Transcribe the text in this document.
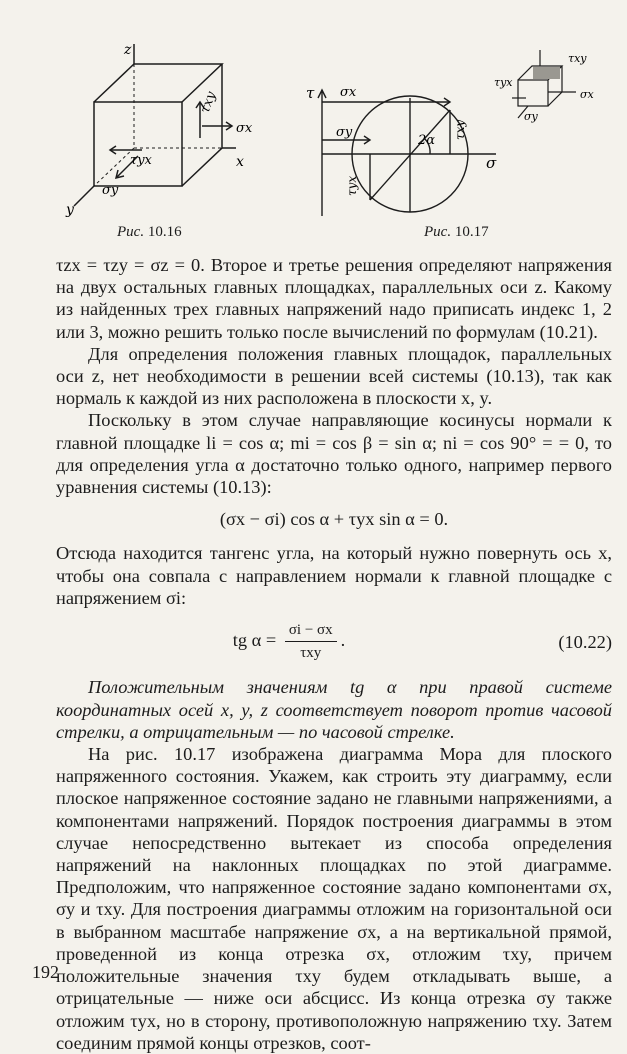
z
x
y
τxy
σx
τyx
σy
Рис. 10.16
τ
σ
σx
σy	τxy
τyx
2α
τxy
τyx
σx
σy
Рис. 10.17

τzx = τzy = σz = 0. Второе и третье решения определяют напряжения на двух остальных главных площадках, параллельных оси z. Какому из найденных трех главных напряжений надо приписать индекс 1, 2 или 3, можно решить только после вычислений по формулам (10.21).

Для определения положения главных площадок, параллельных оси z, нет необходимости в решении всей системы (10.13), так как нормаль к каждой из них расположена в плоскости x, y.

Поскольку в этом случае направляющие косинусы нормали к главной площадке li = cos α; mi = cos β = sin α; ni = cos 90° = = 0, то для определения угла α достаточно только одного, например первого уравнения системы (10.13):

(σx − σi) cos α + τyx sin α = 0.

Отсюда находится тангенс угла, на который нужно повернуть ось x, чтобы она совпала с направлением нормали к главной площадке с напряжением σi:

tg $\alpha = \frac{\sigma i - \sigma x}{\text{τxy}}$ .	(10.22)

Положительным значениям tg α при правой системе координатных осей x, y, z соответствует поворот против часовой стрелки, а отрицательным — по часовой стрелке.

На рис. 10.17 изображена диаграмма Мора для плоского напряженного состояния. Укажем, как строить эту диаграмму, если плоское напряженное состояние задано не главными напряжениями, а компонентами напряжений. Порядок построения диаграммы в этом случае непосредственно вытекает из способа определения напряжений на наклонных площадках по этой диаграмме. Предположим, что напряженное состояние задано компонентами σx, σy и τxy. Для построения диаграммы отложим на горизонтальной оси в выбранном масштабе напряжение σx, а на вертикальной прямой, проведенной из конца отрезка σx, отложим τxy, причем положительные значения τxy будем откладывать выше, а отрицательные — ниже оси абсцисс. Из конца отрезка σy также отложим τyx, но в сторону, противоположную напряжению τxy. Затем соединим прямой концы отрезков, соот-

192
